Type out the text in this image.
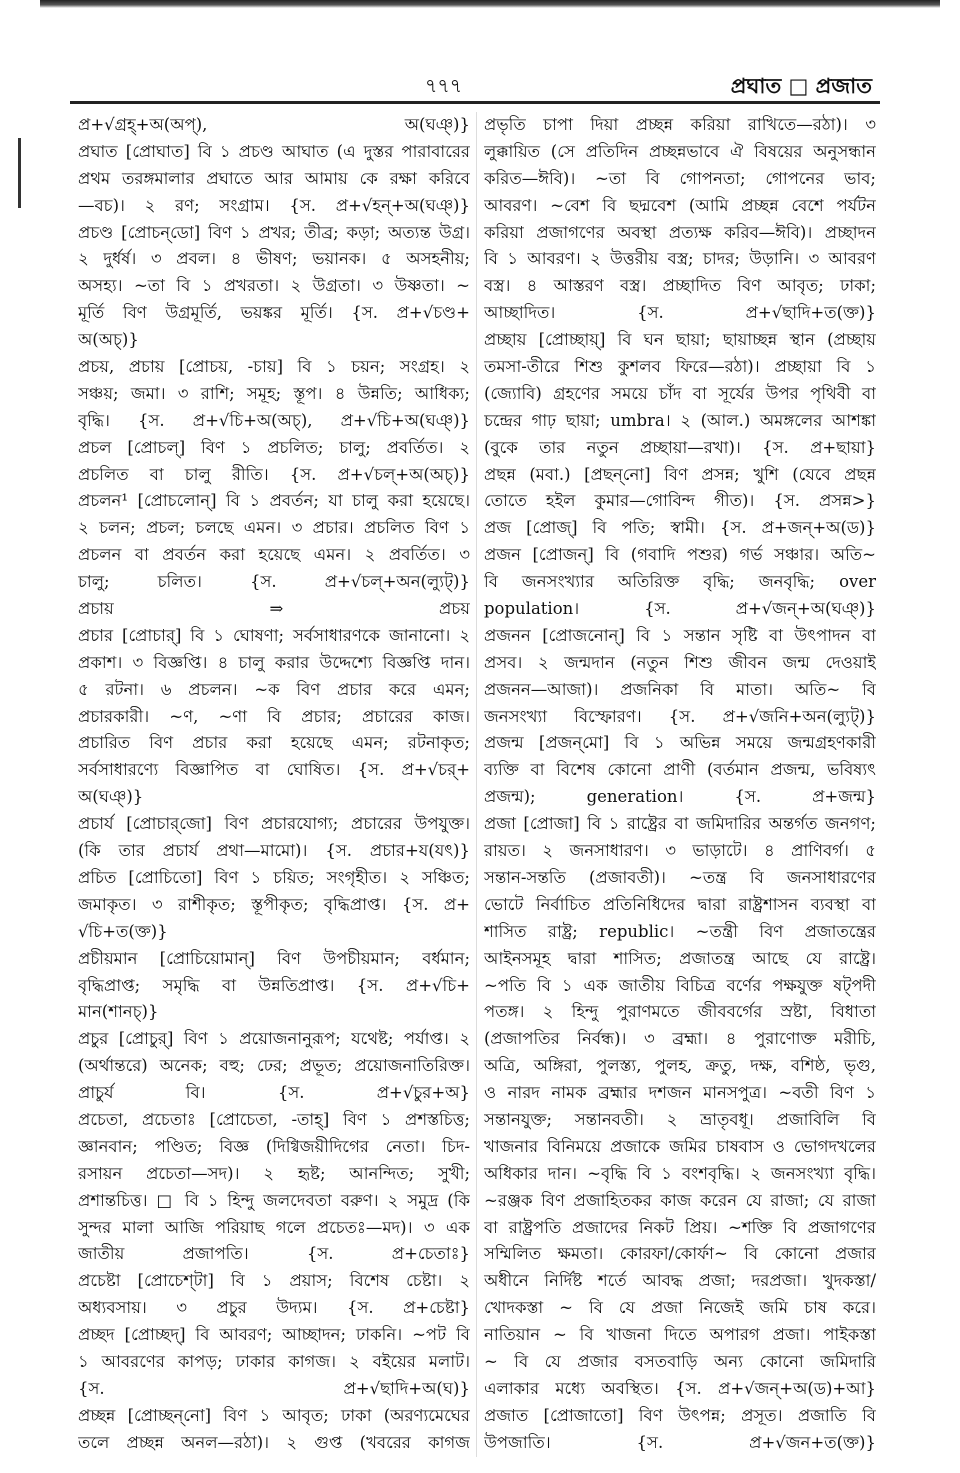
৭৭৭	প্রঘাত □ প্রজাত
প্র+√গ্রহ্+অ(অপ্), অ(ঘঞ্)}
প্রঘাত [প্রোঘাত] বি ১ প্রচণ্ড আঘাত (এ দুস্তর পারাবারের
প্রথম তরঙ্গমালার প্রঘাতে আর আমায় কে রক্ষা করিবে
—বচ)। ২ রণ; সংগ্রাম। {স. প্র+√হন্+অ(ঘঞ্)}
প্রচণ্ড [প্রোচন্‌ডো] বিণ ১ প্রখর; তীব্র; কড়া; অত্যন্ত উগ্র।
২ দুর্ধর্ষ। ৩ প্রবল। ৪ ভীষণ; ভয়ানক। ৫ অসহনীয়;
অসহ্য। ~তা বি ১ প্রখরতা। ২ উগ্রতা। ৩ উষ্ণতা। ~
মূর্তি বিণ উগ্রমূর্তি, ভয়ঙ্কর মূর্তি। {স. প্র+√চণ্ড+
অ(অচ্)}
প্রচয়, প্রচায় [প্রোচয়, -চায়] বি ১ চয়ন; সংগ্রহ। ২
সঞ্চয়; জমা। ৩ রাশি; সমূহ; স্তূপ। ৪ উন্নতি; আধিক্য;
বৃদ্ধি। {স. প্র+√চি+অ(অচ্), প্র+√চি+অ(ঘঞ্)}
প্রচল [প্রোচল্] বিণ ১ প্রচলিত; চালু; প্রবর্তিত। ২
প্রচলিত বা চালু রীতি। {স. প্র+√চল্+অ(অচ্)}
প্রচলন¹ [প্রোচলোন্] বি ১ প্রবর্তন; যা চালু করা হয়েছে।
২ চলন; প্রচল; চলছে এমন। ৩ প্রচার। প্রচলিত বিণ ১
প্রচলন বা প্রবর্তন করা হয়েছে এমন। ২ প্রবর্তিত। ৩
চালু; চলিত। {স. প্র+√চল্+অন(ল্যুট্)}
প্রচায় ⇒ প্রচয়
প্রচার [প্রোচার্] বি ১ ঘোষণা; সর্বসাধারণকে জানানো। ২
প্রকাশ। ৩ বিজ্ঞপ্তি। ৪ চালু করার উদ্দেশ্যে বিজ্ঞপ্তি দান।
৫ রটনা। ৬ প্রচলন। ~ক বিণ প্রচার করে এমন;
প্রচারকারী। ~ণ, ~ণা বি প্রচার; প্রচারের কাজ।
প্রচারিত বিণ প্রচার করা হয়েছে এমন; রটনাকৃত;
সর্বসাধারণ্যে বিজ্ঞাপিত বা ঘোষিত। {স. প্র+√চর্+
অ(ঘঞ্)}
প্রচার্য [প্রোচার্‌জো] বিণ প্রচারযোগ্য; প্রচারের উপযুক্ত।
(কি তার প্রচার্য প্রথা—মামো)। {স. প্রচার+য(যৎ)}
প্রচিত [প্রোচিতো] বিণ ১ চয়িত; সংগৃহীত। ২ সঞ্চিত;
জমাকৃত। ৩ রাশীকৃত; স্তূপীকৃত; বৃদ্ধিপ্রাপ্ত। {স. প্র+
√চি+ত(ক্ত)}
প্রচীয়মান [প্রোচিয়োমান্] বিণ উপচীয়মান; বর্ধমান;
বৃদ্ধিপ্রাপ্ত; সমৃদ্ধি বা উন্নতিপ্রাপ্ত। {স. প্র+√চি+
মান(শানচ্)}
প্রচুর [প্রোচুর্] বিণ ১ প্রয়োজনানুরূপ; যথেষ্ট; পর্যাপ্ত। ২
(অর্থান্তরে) অনেক; বহু; ঢের; প্রভূত; প্রয়োজনাতিরিক্ত।
প্রাচুর্য বি। {স. প্র+√চুর+অ}
প্রচেতা, প্রচেতাঃ [প্রোচেতা, -তাহ্] বিণ ১ প্রশস্তচিত্ত;
জ্ঞানবান; পণ্ডিত; বিজ্ঞ (দিগ্বিজয়ীদিগের নেতা। চিদ-
রসায়ন প্রচেতা—সদ)। ২ হৃষ্ট; আনন্দিত; সুখী;
প্রশান্তচিত্ত। □ বি ১ হিন্দু জলদেবতা বরুণ। ২ সমুদ্র (কি
সুন্দর মালা আজি পরিয়াছ গলে প্রচেতঃ—মদ)। ৩ এক
জাতীয় প্রজাপতি। {স. প্র+চেতাঃ}
প্রচেষ্টা [প্রোচেশ্‌টা] বি ১ প্রয়াস; বিশেষ চেষ্টা। ২
অধ্যবসায়। ৩ প্রচুর উদ্যম। {স. প্র+চেষ্টা}
প্রচ্ছদ [প্রোচ্ছদ্] বি আবরণ; আচ্ছাদন; ঢাকনি। ~পট বি
১ আবরণের কাপড়; ঢাকার কাগজ। ২ বইয়ের মলাট।
{স. প্র+√ছাদি+অ(ঘ)}
প্রচ্ছন্ন [প্রোচ্ছন্‌নো] বিণ ১ আবৃত; ঢাকা (অরণ্যমেঘের
তলে প্রচ্ছন্ন অনল—রঠা)। ২ গুপ্ত (খবরের কাগজ
প্রভৃতি চাপা দিয়া প্রচ্ছন্ন করিয়া রাখিতে—রঠা)। ৩
লুক্কায়িত (সে প্রতিদিন প্রচ্ছন্নভাবে ঐ বিষয়ের অনুসন্ধান
করিত—ঈবি)। ~তা বি গোপনতা; গোপনের ভাব;
আবরণ। ~বেশ বি ছদ্মবেশ (আমি প্রচ্ছন্ন বেশে পর্যটন
করিয়া প্রজাগণের অবস্থা প্রত্যক্ষ করিব—ঈবি)। প্রচ্ছাদন
বি ১ আবরণ। ২ উত্তরীয় বস্ত্র; চাদর; উড়ানি। ৩ আবরণ
বস্ত্র। ৪ আস্তরণ বস্ত্র। প্রচ্ছাদিত বিণ আবৃত; ঢাকা;
আচ্ছাদিত। {স. প্র+√ছাদি+ত(ক্ত)}
প্রচ্ছায় [প্রোচ্ছায়্] বি ঘন ছায়া; ছায়াচ্ছন্ন স্থান (প্রচ্ছায়
তমসা-তীরে শিশু কুশলব ফিরে—রঠা)। প্রচ্ছায়া বি ১
(জ্যোবি) গ্রহণের সময়ে চাঁদ বা সূর্যের উপর পৃথিবী বা
চন্দ্রের গাঢ় ছায়া; umbra। ২ (আল.) অমঙ্গলের আশঙ্কা
(বুকে তার নতুন প্রচ্ছায়া—রখা)। {স. প্র+ছায়া}
প্রছন্ন (মবা.) [প্রছন্‌নো] বিণ প্রসন্ন; খুশি (যেবে প্রছন্ন
তোতে হইল কুমার—গোবিন্দ গীত)। {স. প্রসন্ন>}
প্রজ [প্রোজ্] বি পতি; স্বামী। {স. প্র+জন্+অ(ড)}
প্রজন [প্রোজন্] বি (গবাদি পশুর) গর্ভ সঞ্চার। অতি~
বি জনসংখ্যার অতিরিক্ত বৃদ্ধি; জনবৃদ্ধি; over
population। {স. প্র+√জন্+অ(ঘঞ্)}
প্রজনন [প্রোজনোন্] বি ১ সন্তান সৃষ্টি বা উৎপাদন বা
প্রসব। ২ জন্মদান (নতুন শিশু জীবন জন্ম দেওয়াই
প্রজনন—আজা)। প্রজনিকা বি মাতা। অতি~ বি
জনসংখ্যা বিস্ফোরণ। {স. প্র+√জনি+অন(ল্যুট্)}
প্রজন্ম [প্রজন্‌মো] বি ১ অভিন্ন সময়ে জন্মগ্রহণকারী
ব্যক্তি বা বিশেষ কোনো প্রাণী (বর্তমান প্রজন্ম, ভবিষ্যৎ
প্রজন্ম); generation। {স. প্র+জন্ম}
প্রজা [প্রোজা] বি ১ রাষ্ট্রের বা জমিদারির অন্তর্গত জনগণ;
রায়ত। ২ জনসাধারণ। ৩ ভাড়াটে। ৪ প্রাণিবর্গ। ৫
সন্তান-সন্ততি (প্রজাবতী)। ~তন্ত্র বি জনসাধারণের
ভোটে নির্বাচিত প্রতিনিধিদের দ্বারা রাষ্ট্রশাসন ব্যবস্থা বা
শাসিত রাষ্ট্র; republic। ~তন্ত্রী বিণ প্রজাতন্ত্রের
আইনসমূহ দ্বারা শাসিত; প্রজাতন্ত্র আছে যে রাষ্ট্রে।
~পতি বি ১ এক জাতীয় বিচিত্র বর্ণের পক্ষযুক্ত ষট্পদী
পতঙ্গ। ২ হিন্দু পুরাণমতে জীববর্গের স্রষ্টা, বিধাতা
(প্রজাপতির নির্বন্ধ)। ৩ ব্রহ্মা। ৪ পুরাণোক্ত মরীচি,
অত্রি, অঙ্গিরা, পুলস্ত্য, পুলহ, ক্রতু, দক্ষ, বশিষ্ঠ, ভৃগু,
ও নারদ নামক ব্রহ্মার দশজন মানসপুত্র। ~বতী বিণ ১
সন্তানযুক্ত; সন্তানবতী। ২ ভ্রাতৃবধূ। প্রজাবিলি বি
খাজনার বিনিময়ে প্রজাকে জমির চাষবাস ও ভোগদখলের
অধিকার দান। ~বৃদ্ধি বি ১ বংশবৃদ্ধি। ২ জনসংখ্যা বৃদ্ধি।
~রঞ্জক বিণ প্রজাহিতকর কাজ করেন যে রাজা; যে রাজা
বা রাষ্ট্রপতি প্রজাদের নিকট প্রিয়। ~শক্তি বি প্রজাগণের
সম্মিলিত ক্ষমতা। কোরফা/কোর্ফা~ বি কোনো প্রজার
অধীনে নির্দিষ্ট শর্তে আবদ্ধ প্রজা; দরপ্রজা। খুদকস্তা/
খোদকস্তা ~ বি যে প্রজা নিজেই জমি চাষ করে।
নাতিয়ান ~ বি খাজনা দিতে অপারগ প্রজা। পাইকস্তা
~ বি যে প্রজার বসতবাড়ি অন্য কোনো জমিদারি
এলাকার মধ্যে অবস্থিত। {স. প্র+√জন্+অ(ড)+আ}
প্রজাত [প্রোজাতো] বিণ উৎপন্ন; প্রসূত। প্রজাতি বি
উপজাতি। {স. প্র+√জন+ত(ক্ত)}
